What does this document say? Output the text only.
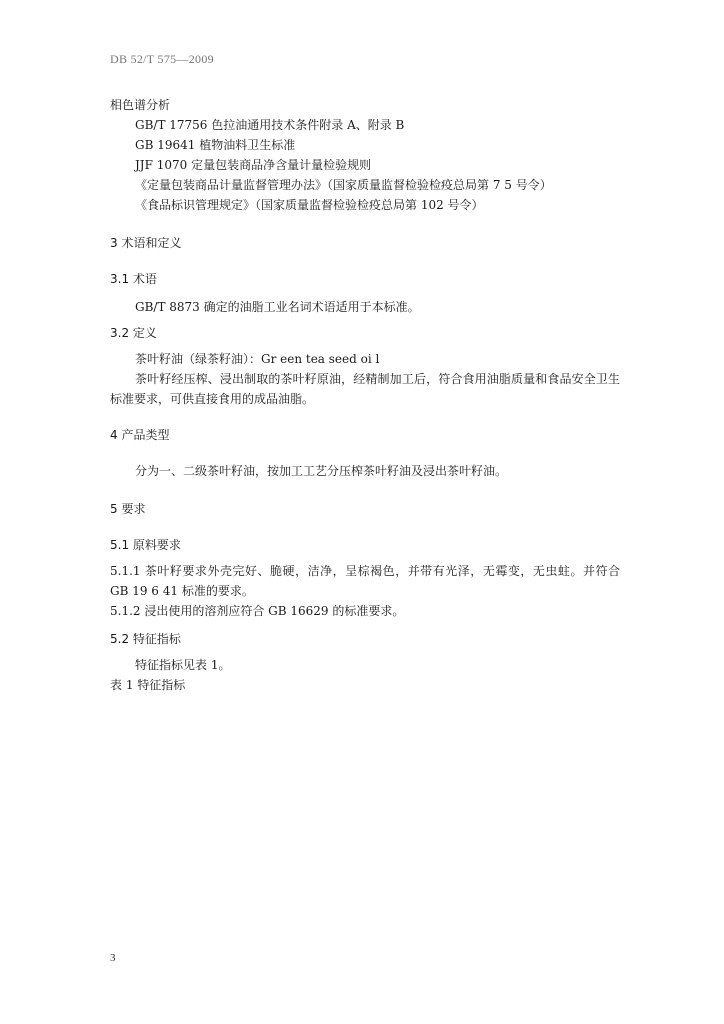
DB 52/T 575—2009
相色谱分析
GB/T 17756 色拉油通用技术条件附录 A、附录 B
GB 19641 植物油料卫生标准
JJF 1070 定量包装商品净含量计量检验规则
《定量包装商品计量监督管理办法》（国家质量监督检验检疫总局第 7 5 号令）
《食品标识管理规定》（国家质量监督检验检疫总局第 102 号令）
3 术语和定义
3.1 术语
GB/T 8873 确定的油脂工业名词术语适用于本标准。
3.2 定义
茶叶籽油（绿茶籽油）：Gr een tea seed oi l
茶叶籽经压榨、浸出制取的茶叶籽原油，经精制加工后，符合食用油脂质量和食品安全卫生标准要求，可供直接食用的成品油脂。
4 产品类型
分为一、二级茶叶籽油，按加工工艺分压榨茶叶籽油及浸出茶叶籽油。
5 要求
5.1 原料要求
5.1.1 茶叶籽要求外壳完好、脆硬，洁净，呈棕褐色，并带有光泽，无霉变，无虫蛀。并符合 GB 19 6 41 标准的要求。
5.1.2 浸出使用的溶剂应符合 GB 16629 的标准要求。
5.2 特征指标
特征指标见表 1。
表 1 特征指标
3
